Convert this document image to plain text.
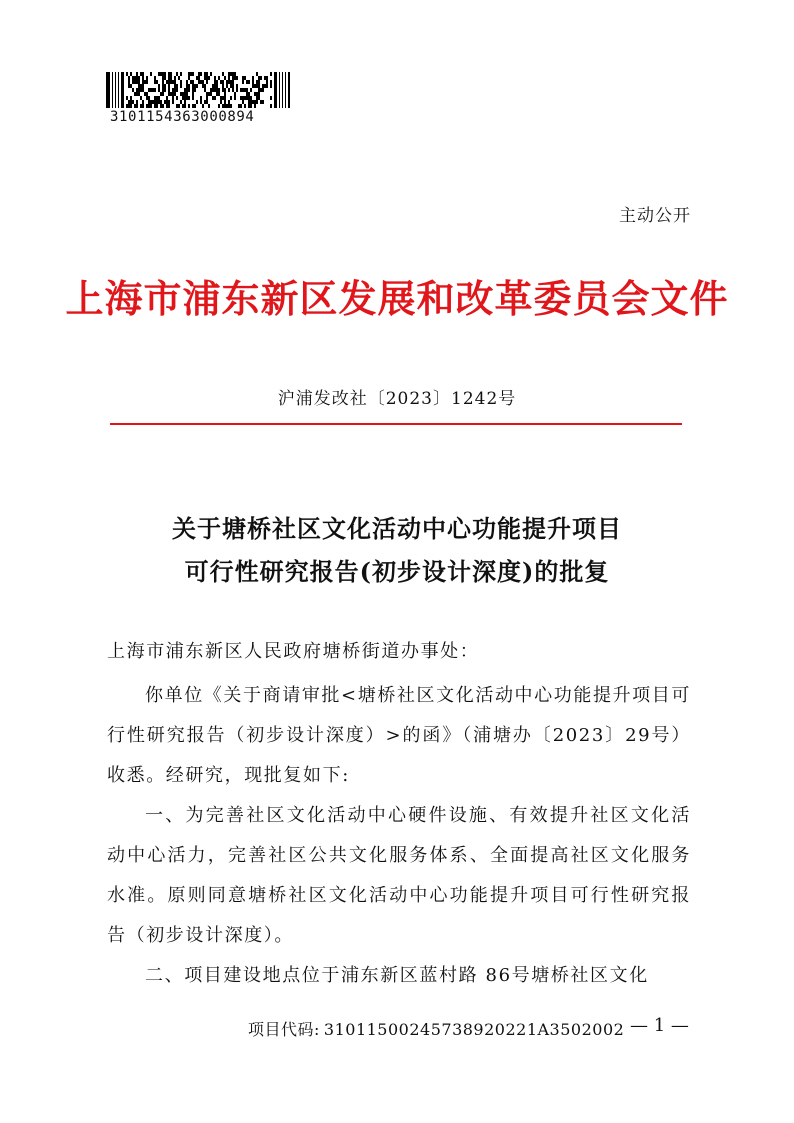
3101154363000894
主动公开
上海市浦东新区发展和改革委员会文件
沪浦发改社〔2023〕1242号
关于塘桥社区文化活动中心功能提升项目
可行性研究报告(初步设计深度)的批复
上海市浦东新区人民政府塘桥街道办事处：
你单位《关于商请审批<塘桥社区文化活动中心功能提升项目可行性研究报告（初步设计深度）>的函》（浦塘办〔2023〕29号）收悉。经研究，现批复如下:
一、为完善社区文化活动中心硬件设施、有效提升社区文化活动中心活力，完善社区公共文化服务体系、全面提高社区文化服务水准。原则同意塘桥社区文化活动中心功能提升项目可行性研究报告（初步设计深度）。
二、项目建设地点位于浦东新区蓝村路 86号塘桥社区文化
项目代码: 31011500245738920221A3502002 — 1 —
